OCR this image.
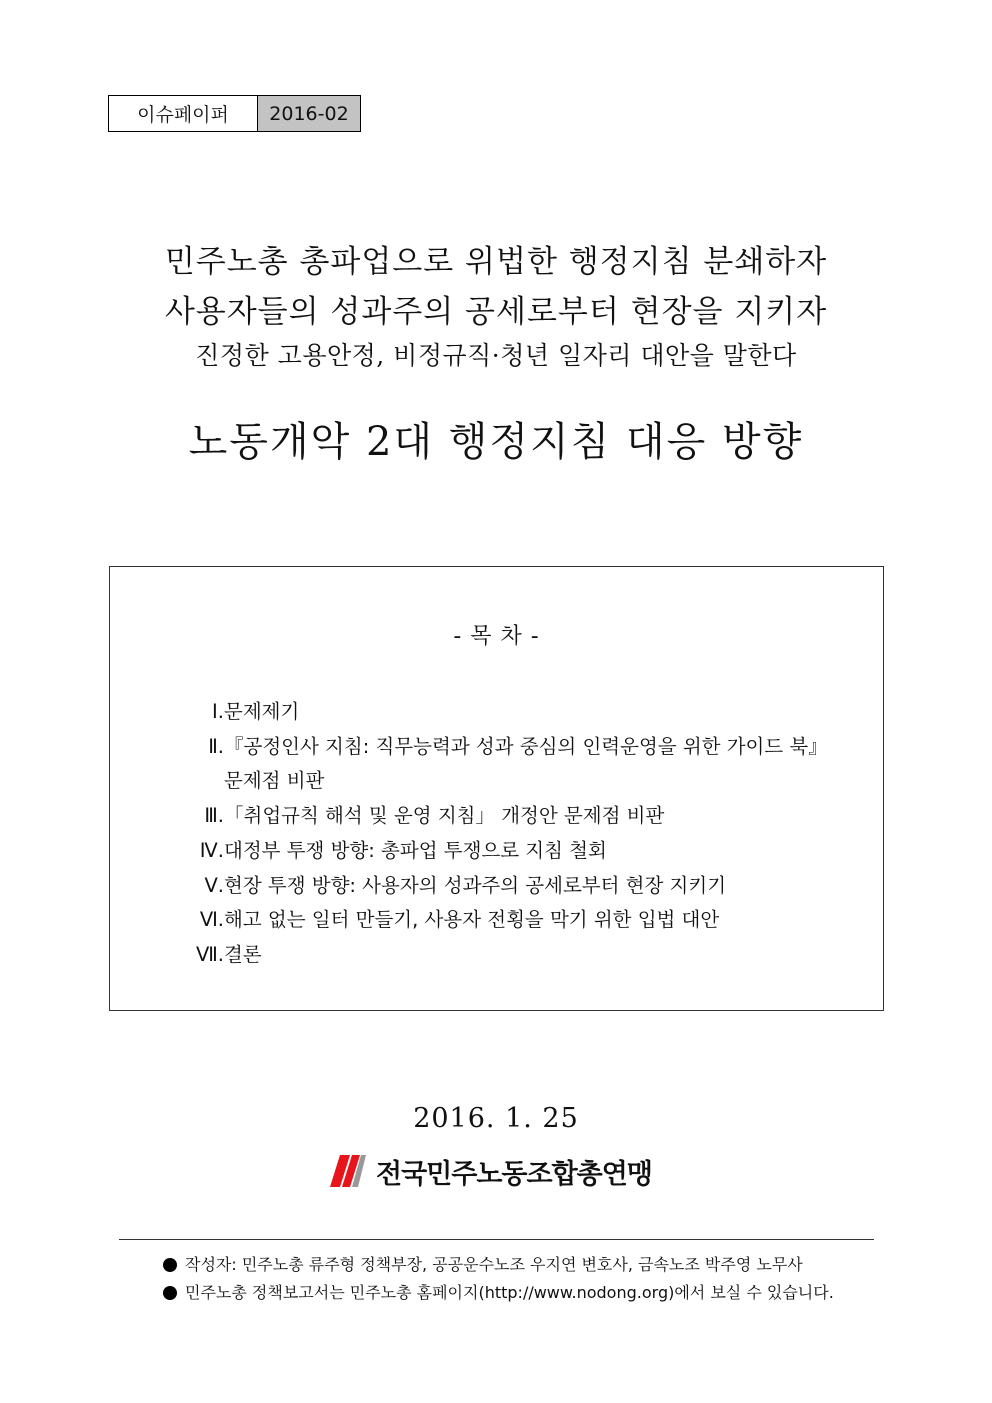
이슈페이퍼	2016-02
민주노총 총파업으로 위법한 행정지침 분쇄하자
사용자들의 성과주의 공세로부터 현장을 지키자
진정한 고용안정, 비정규직·청년 일자리 대안을 말한다
노동개악 2대 행정지침 대응 방향
- 목 차 -
Ⅰ. 문제제기
Ⅱ. 『공정인사 지침: 직무능력과 성과 중심의 인력운영을 위한 가이드 북』
문제점 비판
Ⅲ. 「취업규칙 해석 및 운영 지침」 개정안 문제점 비판
Ⅳ. 대정부 투쟁 방향: 총파업 투쟁으로 지침 철회
Ⅴ. 현장 투쟁 방향: 사용자의 성과주의 공세로부터 현장 지키기
Ⅵ. 해고 없는 일터 만들기, 사용자 전횡을 막기 위한 입법 대안
Ⅶ. 결론
2016. 1. 25
전국민주노동조합총연맹
작성자: 민주노총 류주형 정책부장, 공공운수노조 우지연 변호사, 금속노조 박주영 노무사
민주노총 정책보고서는 민주노총 홈페이지(http://www.nodong.org)에서 보실 수 있습니다.
